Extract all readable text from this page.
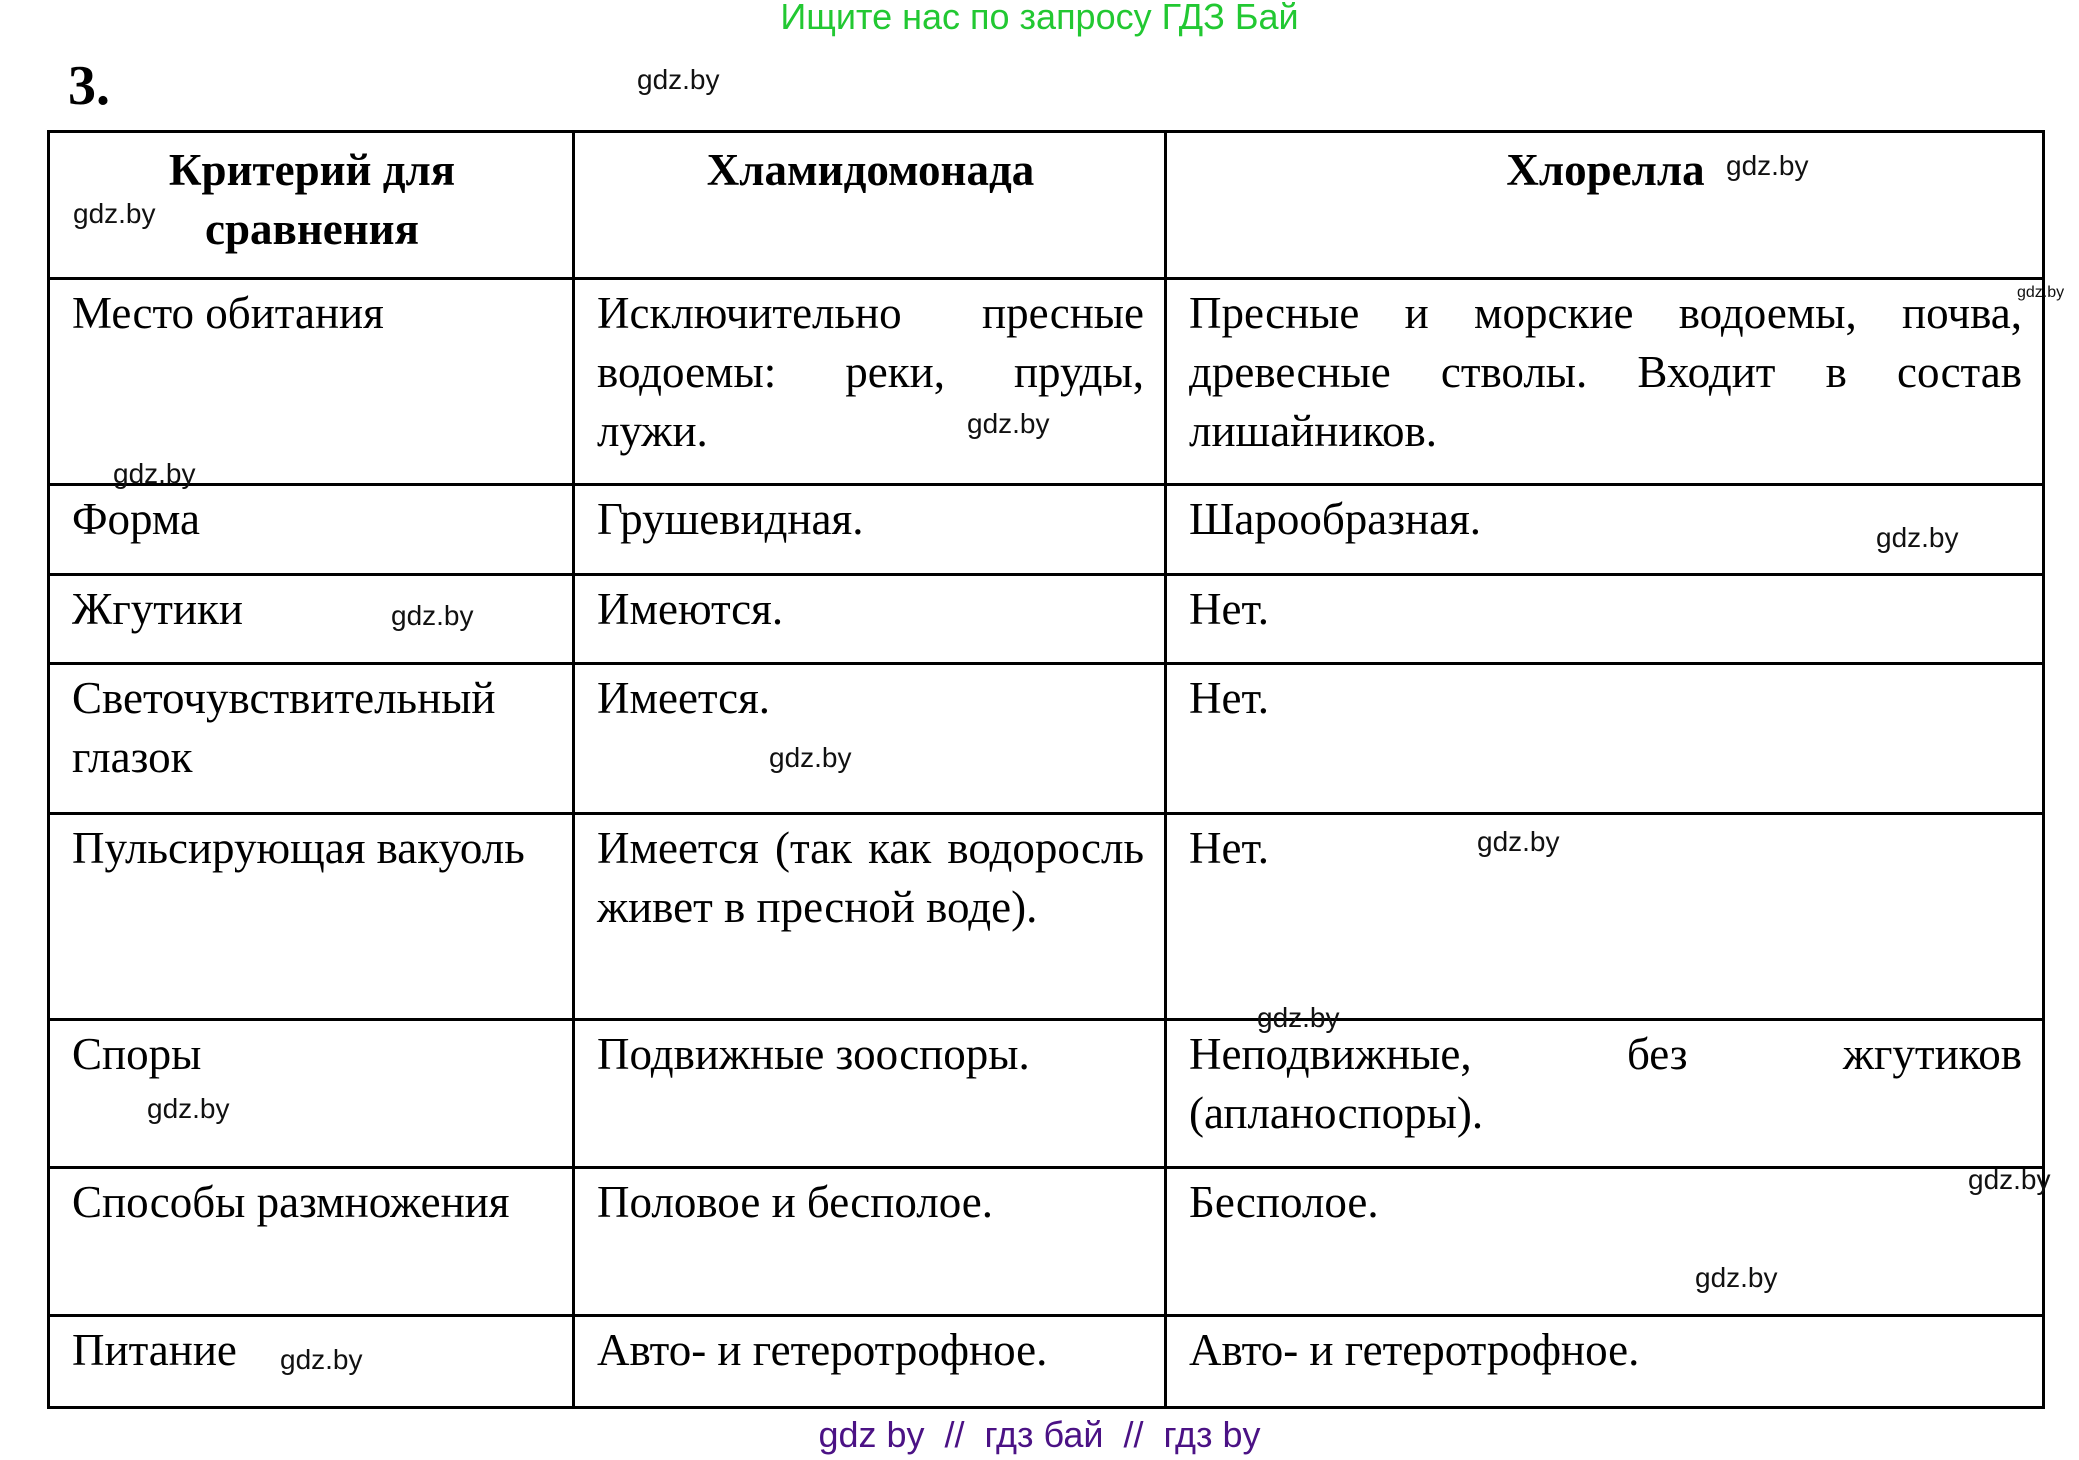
Ищите нас по запросу ГДЗ Бай
3.
Критерий для сравнения	Хламидомонада	Хлорелла
Место обитания	Исключительно пресные водоемы: реки, пруды, лужи.	Пресные и морские водоемы, почва, древесные стволы. Входит в состав лишайников.
Форма	Грушевидная.	Шарообразная.
Жгутики	Имеются.	Нет.
Светочувствительный глазок	Имеется.	Нет.
Пульсирующая вакуоль	Имеется (так как водоросль живет в пресной воде).	Нет.
Споры	Подвижные зооспоры.	Неподвижные, без жгутиков (апланоспоры).
Способы размножения	Половое и бесполое.	Бесполое.
Питание	Авто- и гетеротрофное.	Авто- и гетеротрофное.
gdz.by
gdz.by
gdz.by
gdz.by
gdz.by
gdz.by
gdz.by
gdz.by
gdz.by
gdz.by
gdz.by
gdz.by
gdz.by
gdz.by
gdz.by
gdz by  //  гдз бай  //  гдз by
